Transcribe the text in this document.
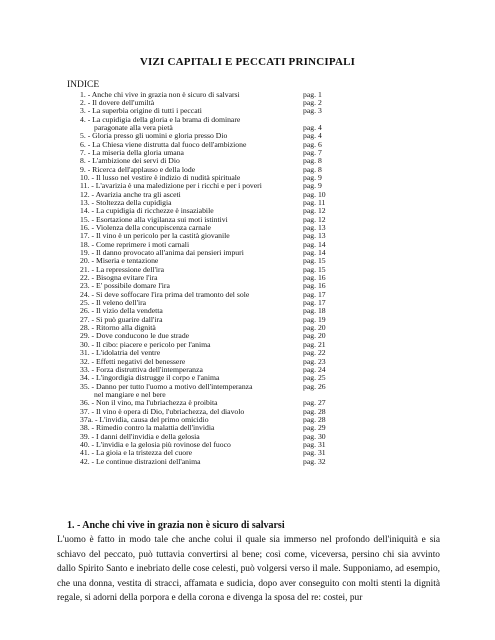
VIZI CAPITALI E PECCATI PRINCIPALI
INDICE
1. - Anche chi vive in grazia non è sicuro di salvarsi	pag. 1
2. - Il dovere dell'umiltà	pag. 2
3. - La superbia origine di tutti i peccati	pag. 3
4. - La cupidigia della gloria e la brama di dominare
paragonate alla vera pietà	pag. 4
5. - Gloria presso gli uomini e gloria presso Dio	pag. 4
6. - La Chiesa viene distrutta dal fuoco dell'ambizione	pag. 6
7. - La miseria della gloria umana	pag. 7
8. - L'ambizione dei servi di Dio	pag. 8
9. - Ricerca dell'applauso e della lode	pag. 8
10. - Il lusso nel vestire è indizio di nudità spirituale	pag. 9
11. - L'avarizia è una maledizione per i ricchi e per i poveri	pag. 9
12. - Avarizia anche tra gli asceti	pag. 10
13. - Stoltezza della cupidigia	pag. 11
14. - La cupidigia di ricchezze è insaziabile	pag. 12
15. - Esortazione alla vigilanza sui moti istintivi	pag. 12
16. - Violenza della concupiscenza carnale	pag. 13
17. - Il vino è un pericolo per la castità giovanile	pag. 13
18. - Come reprimere i moti carnali	pag. 14
19. - Il danno provocato all'anima dai pensieri impuri	pag. 14
20. - Miseria e tentazione	pag. 15
21. - La repressione dell'ira	pag. 15
22. - Bisogna evitare l'ira	pag. 16
23. - E' possibile domare l'ira	pag. 16
24. - Si deve soffocare l'ira prima del tramonto del sole	pag. 17
25. - Il veleno dell'ira	pag. 17
26. - Il vizio della vendetta	pag. 18
27. - Si può guarire dall'ira	pag. 19
28. - Ritorno alla dignità	pag. 20
29. - Dove conducono le due strade	pag. 20
30. - Il cibo: piacere e pericolo per l'anima	pag. 21
31. - L'idolatria del ventre	pag. 22
32. - Effetti negativi del benessere	pag. 23
33. - Forza distruttiva dell'intemperanza	pag. 24
34. - L'ingordigia distrugge il corpo e l'anima	pag. 25
35. - Danno per tutto l'uomo a motivo dell'intemperanza	pag. 26
nel mangiare e nel bere
36. - Non il vino, ma l'ubriachezza è proibita	pag. 27
37. - Il vino è opera di Dio, l'ubriachezza, del diavolo	pag. 28
37a. - L'invidia, causa del primo omicidio	pag. 28
38. - Rimedio contro la malattia dell'invidia	pag. 29
39. - I danni dell'invidia e della gelosia	pag. 30
40. - L'invidia e la gelosia più rovinose del fuoco	pag. 31
41. - La gioia e la tristezza del cuore	pag. 31
42. - Le continue distrazioni dell'anima	pag. 32
1. - Anche chi vive in grazia non è sicuro di salvarsi

L'uomo è fatto in modo tale che anche colui il quale sia immerso nel profondo dell'iniquità e sia schiavo del peccato, può tuttavia convertirsi al bene; così come, viceversa, persino chi sia avvinto dallo Spirito Santo e inebriato delle cose celesti, può volgersi verso il male. Supponiamo, ad esempio, che una donna, vestita di stracci, affamata e sudicia, dopo aver conseguito con molti stenti la dignità regale, si adorni della porpora e della corona e divenga la sposa del re: costei, pur
